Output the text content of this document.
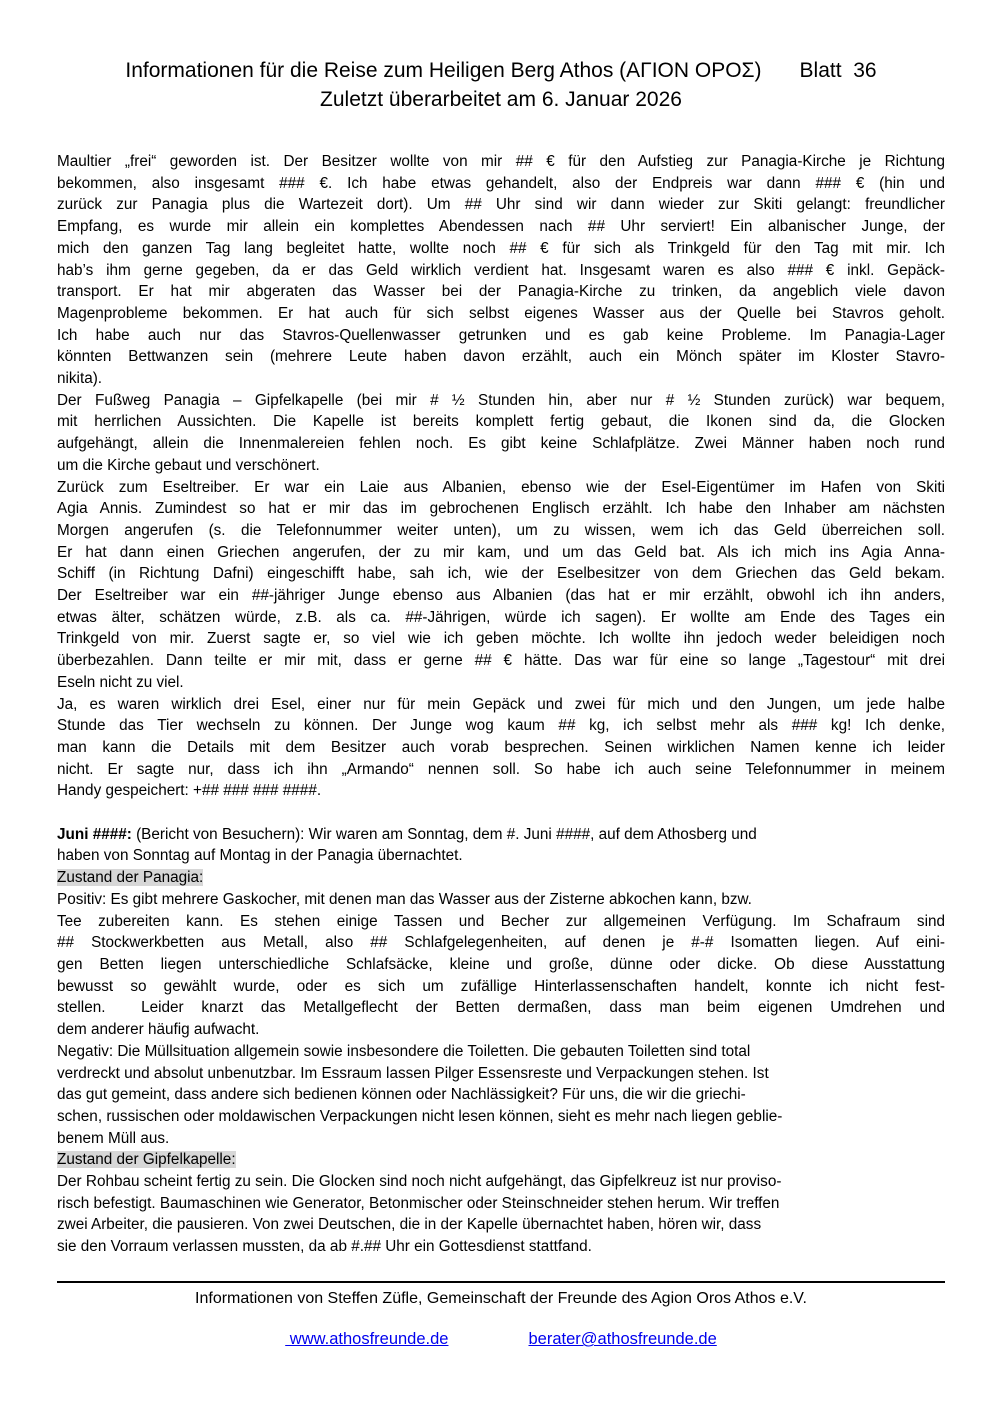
Informationen für die Reise zum Heiligen Berg Athos (ΑΓΙΟΝ ΟΡΟΣ) Blatt  36
Zuletzt überarbeitet am 6. Januar 2026
Maultier „frei“ geworden ist. Der Besitzer wollte von mir ## € für den Aufstieg zur Panagia-Kirche je Richtung
bekommen, also insgesamt ### €. Ich habe etwas gehandelt, also der Endpreis war dann ### € (hin und
zurück zur Panagia plus die Wartezeit dort). Um ## Uhr sind wir dann wieder zur Skiti gelangt: freundlicher
Empfang, es wurde mir allein ein komplettes Abendessen nach ## Uhr serviert! Ein albanischer Junge, der
mich den ganzen Tag lang begleitet hatte, wollte noch ## € für sich als Trinkgeld für den Tag mit mir. Ich
hab’s ihm gerne gegeben, da er das Geld wirklich verdient hat. Insgesamt waren es also ### € inkl. Gepäck-
transport. Er hat mir abgeraten das Wasser bei der Panagia-Kirche zu trinken, da angeblich viele davon
Magenprobleme bekommen. Er hat auch für sich selbst eigenes Wasser aus der Quelle bei Stavros geholt.
Ich habe auch nur das Stavros-Quellenwasser getrunken und es gab keine Probleme. Im Panagia-Lager
könnten Bettwanzen sein (mehrere Leute haben davon erzählt, auch ein Mönch später im Kloster Stavro-
nikita).
Der Fußweg Panagia – Gipfelkapelle (bei mir # ½ Stunden hin, aber nur # ½ Stunden zurück) war bequem,
mit herrlichen Aussichten. Die Kapelle ist bereits komplett fertig gebaut, die Ikonen sind da, die Glocken
aufgehängt, allein die Innenmalereien fehlen noch. Es gibt keine Schlafplätze. Zwei Männer haben noch rund
um die Kirche gebaut und verschönert.
Zurück zum Eseltreiber. Er war ein Laie aus Albanien, ebenso wie der Esel-Eigentümer im Hafen von Skiti
Agia Annis. Zumindest so hat er mir das im gebrochenen Englisch erzählt. Ich habe den Inhaber am nächsten
Morgen angerufen (s. die Telefonnummer weiter unten), um zu wissen, wem ich das Geld überreichen soll.
Er hat dann einen Griechen angerufen, der zu mir kam, und um das Geld bat. Als ich mich ins Agia Anna-
Schiff (in Richtung Dafni) eingeschifft habe, sah ich, wie der Eselbesitzer von dem Griechen das Geld bekam.
Der Eseltreiber war ein ##-jähriger Junge ebenso aus Albanien (das hat er mir erzählt, obwohl ich ihn anders,
etwas älter, schätzen würde, z.B. als ca. ##-Jährigen, würde ich sagen). Er wollte am Ende des Tages ein
Trinkgeld von mir. Zuerst sagte er, so viel wie ich geben möchte. Ich wollte ihn jedoch weder beleidigen noch
überbezahlen. Dann teilte er mir mit, dass er gerne ## € hätte. Das war für eine so lange „Tagestour“ mit drei
Eseln nicht zu viel.
Ja, es waren wirklich drei Esel, einer nur für mein Gepäck und zwei für mich und den Jungen, um jede halbe
Stunde das Tier wechseln zu können. Der Junge wog kaum ## kg, ich selbst mehr als ### kg! Ich denke,
man kann die Details mit dem Besitzer auch vorab besprechen. Seinen wirklichen Namen kenne ich leider
nicht. Er sagte nur, dass ich ihn „Armando“ nennen soll. So habe ich auch seine Telefonnummer in meinem
Handy gespeichert: +## ### ### ####.
Juni ####: (Bericht von Besuchern): Wir waren am Sonntag, dem #. Juni ####, auf dem Athosberg und
haben von Sonntag auf Montag in der Panagia übernachtet.
Zustand der Panagia:
Positiv: Es gibt mehrere Gaskocher, mit denen man das Wasser aus der Zisterne abkochen kann, bzw.
Tee zubereiten kann. Es stehen einige Tassen und Becher zur allgemeinen Verfügung. Im Schafraum sind
## Stockwerkbetten aus Metall, also ## Schlafgelegenheiten, auf denen je #-# Isomatten liegen. Auf eini-
gen Betten liegen unterschiedliche Schlafsäcke, kleine und große, dünne oder dicke. Ob diese Ausstattung
bewusst so gewählt wurde, oder es sich um zufällige Hinterlassenschaften handelt, konnte ich nicht fest-
stellen.  Leider knarzt das Metallgeflecht der Betten dermaßen, dass man beim eigenen Umdrehen und
dem anderer häufig aufwacht.
Negativ: Die Müllsituation allgemein sowie insbesondere die Toiletten. Die gebauten Toiletten sind total
verdreckt und absolut unbenutzbar. Im Essraum lassen Pilger Essensreste und Verpackungen stehen. Ist
das gut gemeint, dass andere sich bedienen können oder Nachlässigkeit? Für uns, die wir die griechi-
schen, russischen oder moldawischen Verpackungen nicht lesen können, sieht es mehr nach liegen geblie-
benem Müll aus.
Zustand der Gipfelkapelle:
Der Rohbau scheint fertig zu sein. Die Glocken sind noch nicht aufgehängt, das Gipfelkreuz ist nur proviso-
risch befestigt. Baumaschinen wie Generator, Betonmischer oder Steinschneider stehen herum. Wir treffen
zwei Arbeiter, die pausieren. Von zwei Deutschen, die in der Kapelle übernachtet haben, hören wir, dass
sie den Vorraum verlassen mussten, da ab #.## Uhr ein Gottesdienst stattfand.
Informationen von Steffen Züfle, Gemeinschaft der Freunde des Agion Oros Athos e.V.
www.athosfreunde.de	berater@athosfreunde.de
